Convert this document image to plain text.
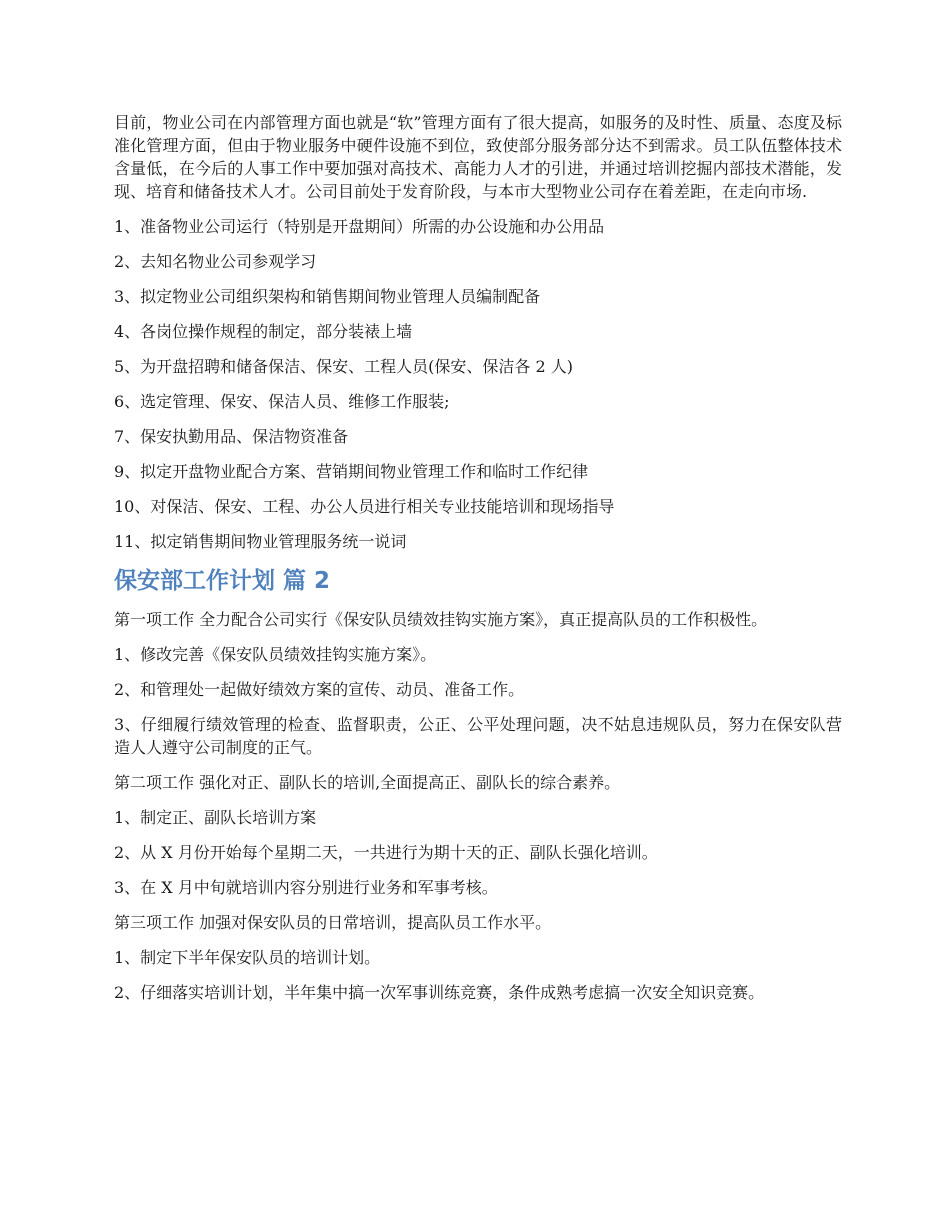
目前，物业公司在内部管理方面也就是“软”管理方面有了很大提高，如服务的及时性、质量、态度及标准化管理方面，但由于物业服务中硬件设施不到位，致使部分服务部分达不到需求。员工队伍整体技术含量低，在今后的人事工作中要加强对高技术、高能力人才的引进，并通过培训挖掘内部技术潜能，发现、培育和储备技术人才。公司目前处于发育阶段，与本市大型物业公司存在着差距，在走向市场.

1、准备物业公司运行（特别是开盘期间）所需的办公设施和办公用品

2、去知名物业公司参观学习

3、拟定物业公司组织架构和销售期间物业管理人员编制配备

4、各岗位操作规程的制定，部分装裱上墙

5、为开盘招聘和储备保洁、保安、工程人员(保安、保洁各 2 人)

6、选定管理、保安、保洁人员、维修工作服装;

7、保安执勤用品、保洁物资准备

9、拟定开盘物业配合方案、营销期间物业管理工作和临时工作纪律

10、对保洁、保安、工程、办公人员进行相关专业技能培训和现场指导

11、拟定销售期间物业管理服务统一说词

保安部工作计划 篇 2

第一项工作 全力配合公司实行《保安队员绩效挂钩实施方案》，真正提高队员的工作积极性。

1、修改完善《保安队员绩效挂钩实施方案》。

2、和管理处一起做好绩效方案的宣传、动员、准备工作。

3、仔细履行绩效管理的检查、监督职责，公正、公平处理问题，决不姑息违规队员，努力在保安队营造人人遵守公司制度的正气。

第二项工作 强化对正、副队长的培训,全面提高正、副队长的综合素养。

1、制定正、副队长培训方案

2、从 X 月份开始每个星期二天，一共进行为期十天的正、副队长强化培训。

3、在 X 月中旬就培训内容分别进行业务和军事考核。

第三项工作 加强对保安队员的日常培训，提高队员工作水平。

1、制定下半年保安队员的培训计划。

2、仔细落实培训计划，半年集中搞一次军事训练竞赛，条件成熟考虑搞一次安全知识竞赛。
